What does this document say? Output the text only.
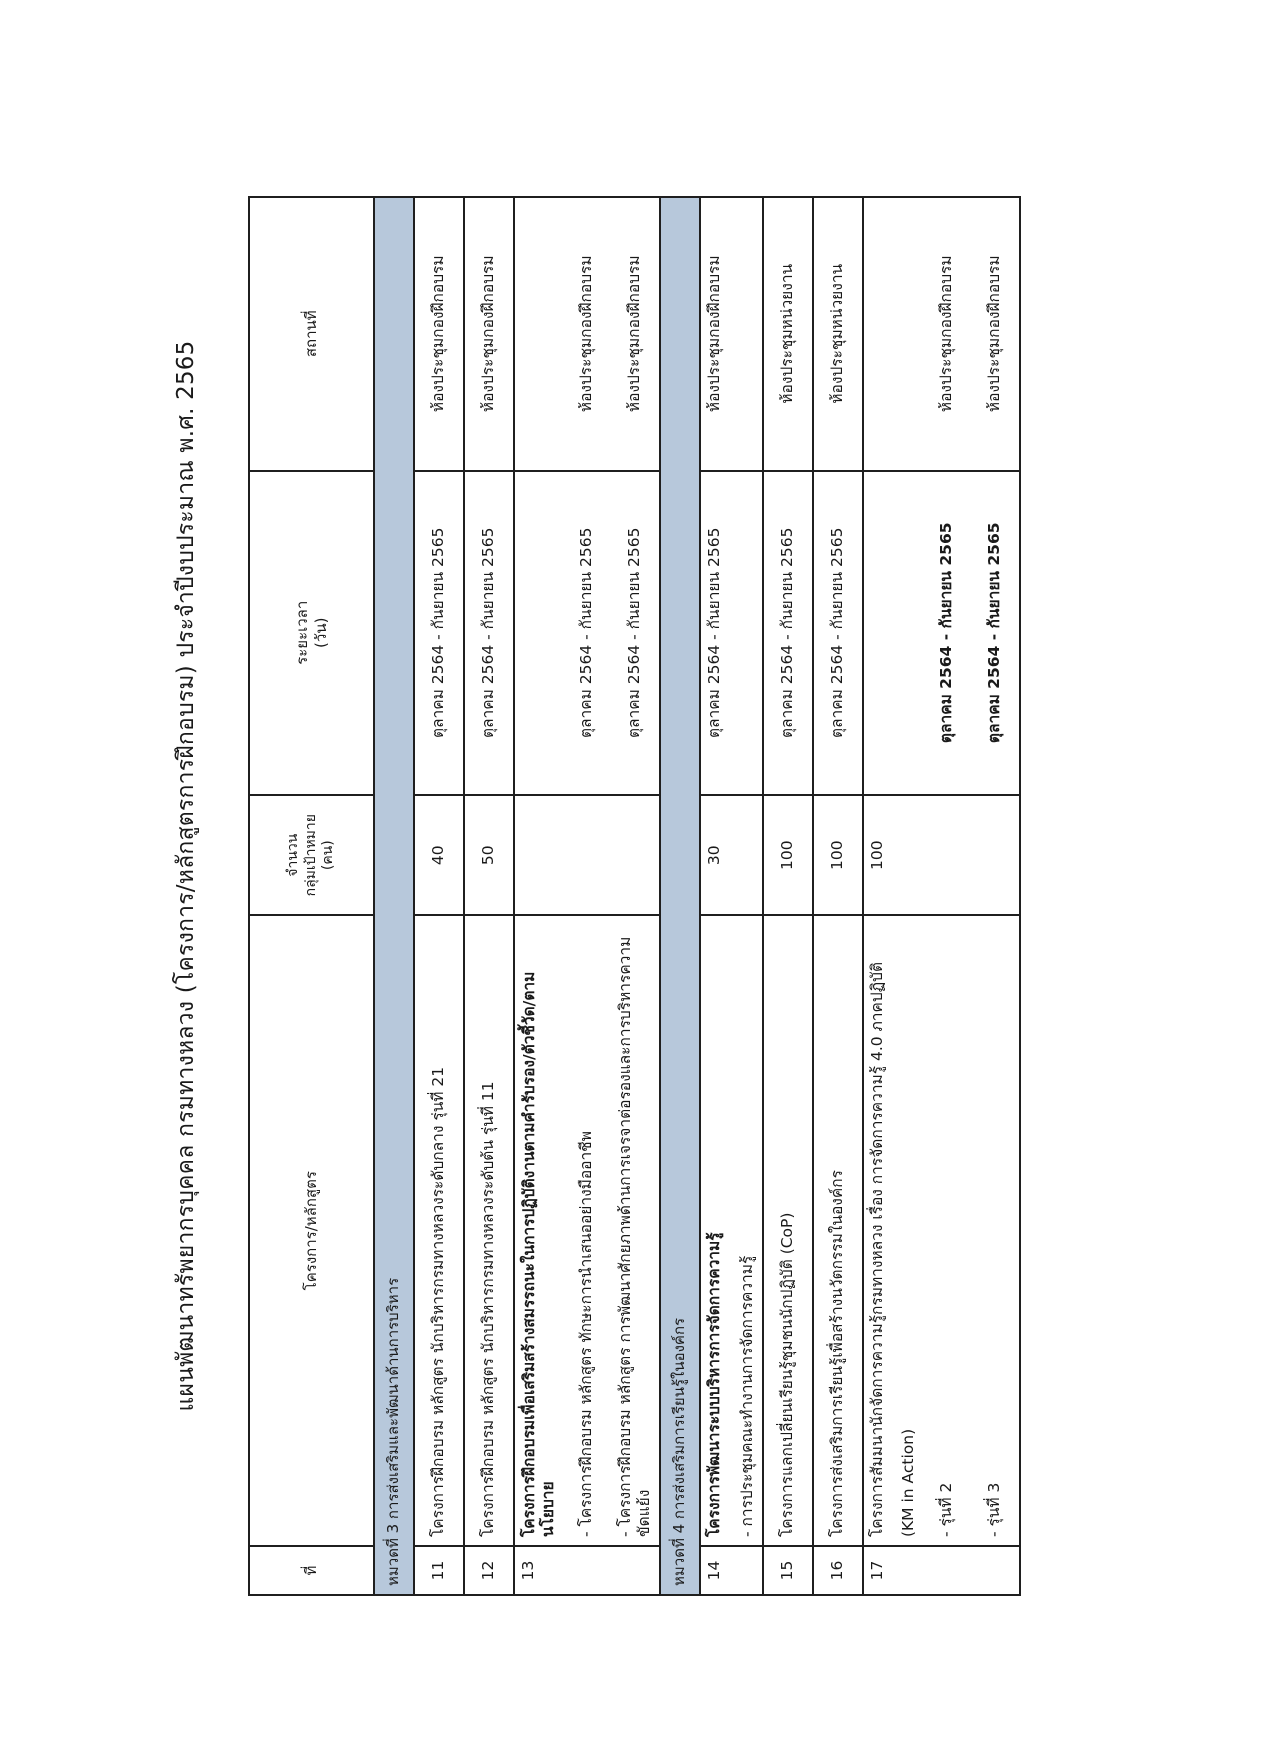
แผนพัฒนาทรัพยากรบุคคล กรมทางหลวง (โครงการ/หลักสูตรการฝึกอบรม) ประจำปีงบประมาณ พ.ศ. 2565
ที่	โครงการ/หลักสูตร	จำนวน กลุ่มเป้าหมาย (คน)	ระยะเวลา (วัน)	สถานที่
หมวดที่ 3 การส่งเสริมและพัฒนาด้านการบริหาร				
11	โครงการฝึกอบรม หลักสูตร นักบริหารกรมทางหลวงระดับกลาง รุ่นที่ 21	40	ตุลาคม 2564 - กันยายน 2565	ห้องประชุมกองฝึกอบรม
12	โครงการฝึกอบรม หลักสูตร นักบริหารกรมทางหลวงระดับต้น รุ่นที่ 11	50	ตุลาคม 2564 - กันยายน 2565	ห้องประชุมกองฝึกอบรม
13	โครงการฝึกอบรมเพื่อเสริมสร้างสมรรถนะในการปฏิบัติงานตามคำรับรอง/ตัวชี้วัด/ตามนโยบาย			
	- โครงการฝึกอบรม หลักสูตร ทักษะการนำเสนออย่างมืออาชีพ		ตุลาคม 2564 - กันยายน 2565	ห้องประชุมกองฝึกอบรม
	- โครงการฝึกอบรม หลักสูตร การพัฒนาศักยภาพด้านการเจรจาต่อรองและการบริหารความขัดแย้ง		ตุลาคม 2564 - กันยายน 2565	ห้องประชุมกองฝึกอบรม
หมวดที่ 4 การส่งเสริมการเรียนรู้ในองค์กร				
14	โครงการพัฒนาระบบบริหารการจัดการความรู้ - การประชุมคณะทำงานการจัดการความรู้	30	ตุลาคม 2564 - กันยายน 2565	ห้องประชุมกองฝึกอบรม
15	โครงการแลกเปลี่ยนเรียนรู้ชุมชนนักปฏิบัติ (CoP)	100	ตุลาคม 2564 - กันยายน 2565	ห้องประชุมหน่วยงาน
16	โครงการส่งเสริมการเรียนรู้เพื่อสร้างนวัตกรรมในองค์กร	100	ตุลาคม 2564 - กันยายน 2565	ห้องประชุมหน่วยงาน
17	โครงการสัมมนานักจัดการความรู้กรมทางหลวง เรื่อง การจัดการความรู้ 4.0 ภาคปฏิบัติ (KM in Action)	100		
	- รุ่นที่ 2		ตุลาคม 2564 - กันยายน 2565	ห้องประชุมกองฝึกอบรม
	- รุ่นที่ 3		ตุลาคม 2564 - กันยายน 2565	ห้องประชุมกองฝึกอบรม
